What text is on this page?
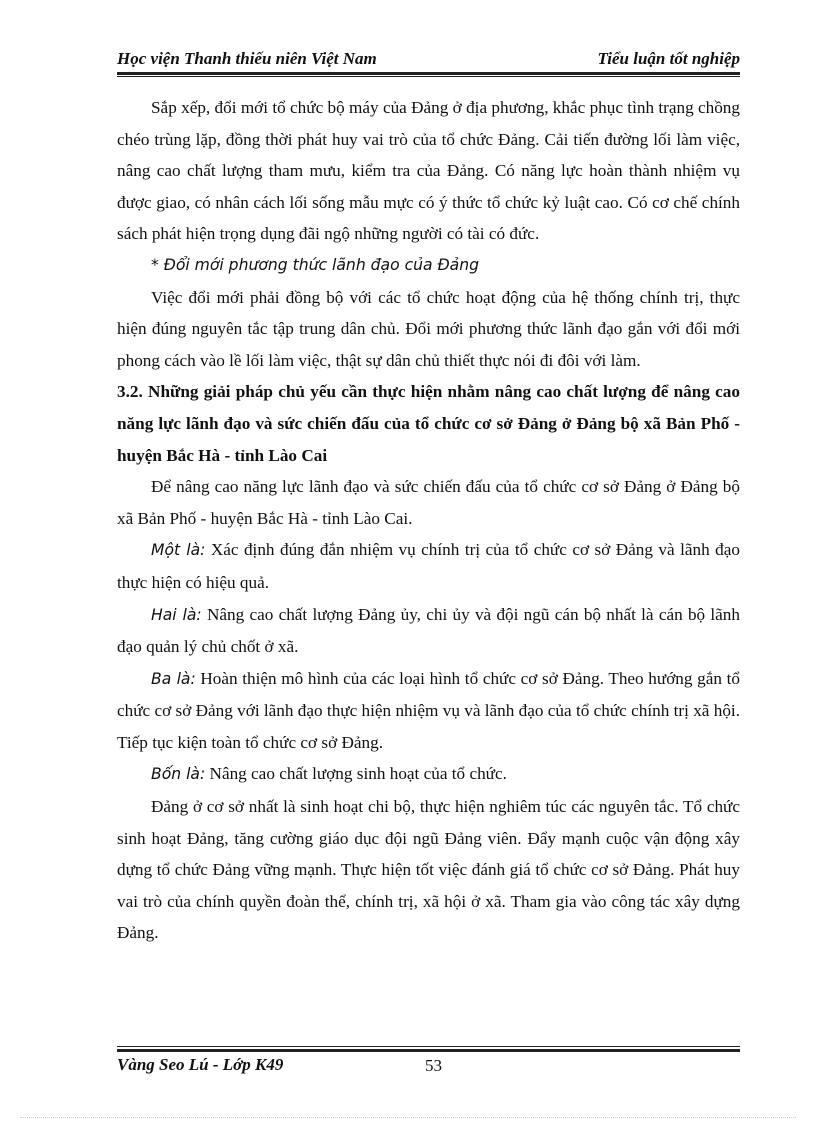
Học viện Thanh thiếu niên Việt Nam	Tiểu luận tốt nghiệp

Sắp xếp, đổi mới tổ chức bộ máy của Đảng ở địa phương, khắc phục tình trạng chồng chéo trùng lặp, đồng thời phát huy vai trò của tổ chức Đảng. Cải tiến đường lối làm việc, nâng cao chất lượng tham mưu, kiểm tra của Đảng. Có năng lực hoàn thành nhiệm vụ được giao, có nhân cách lối sống mẫu mực có ý thức tổ chức kỷ luật cao. Có cơ chế chính sách phát hiện trọng dụng đãi ngộ những người có tài có đức.

* Đổi mới phương thức lãnh đạo của Đảng

Việc đổi mới phải đồng bộ với các tổ chức hoạt động của hệ thống chính trị, thực hiện đúng nguyên tắc tập trung dân chủ. Đổi mới phương thức lãnh đạo gắn với đổi mới phong cách vào lề lối làm việc, thật sự dân chủ thiết thực nói đi đôi với làm.

3.2. Những giải pháp chủ yếu cần thực hiện nhằm nâng cao chất lượng để nâng cao năng lực lãnh đạo và sức chiến đấu của tổ chức cơ sở Đảng ở Đảng bộ xã Bản Phố - huyện Bắc Hà - tỉnh Lào Cai

Để nâng cao năng lực lãnh đạo và sức chiến đấu của tổ chức cơ sở Đảng ở Đảng bộ xã Bản Phố - huyện Bắc Hà - tỉnh Lào Cai.

Một là: Xác định đúng đắn nhiệm vụ chính trị của tổ chức cơ sở Đảng và lãnh đạo thực hiện có hiệu quả.

Hai là: Nâng cao chất lượng Đảng ủy, chi ủy và đội ngũ cán bộ nhất là cán bộ lãnh đạo quản lý chủ chốt ở xã.

Ba là: Hoàn thiện mô hình của các loại hình tổ chức cơ sở Đảng. Theo hướng gắn tổ chức cơ sở Đảng với lãnh đạo thực hiện nhiệm vụ và lãnh đạo của tổ chức chính trị xã hội. Tiếp tục kiện toàn tổ chức cơ sở Đảng.

Bốn là: Nâng cao chất lượng sinh hoạt của tổ chức.

Đảng ở cơ sở nhất là sinh hoạt chi bộ, thực hiện nghiêm túc các nguyên tắc. Tổ chức sinh hoạt Đảng, tăng cường giáo dục đội ngũ Đảng viên. Đẩy mạnh cuộc vận động xây dựng tổ chức Đảng vững mạnh. Thực hiện tốt việc đánh giá tổ chức cơ sở Đảng. Phát huy vai trò của chính quyền đoàn thể, chính trị, xã hội ở xã. Tham gia vào công tác xây dựng Đảng.

Vàng Seo Lú - Lớp K49	53
